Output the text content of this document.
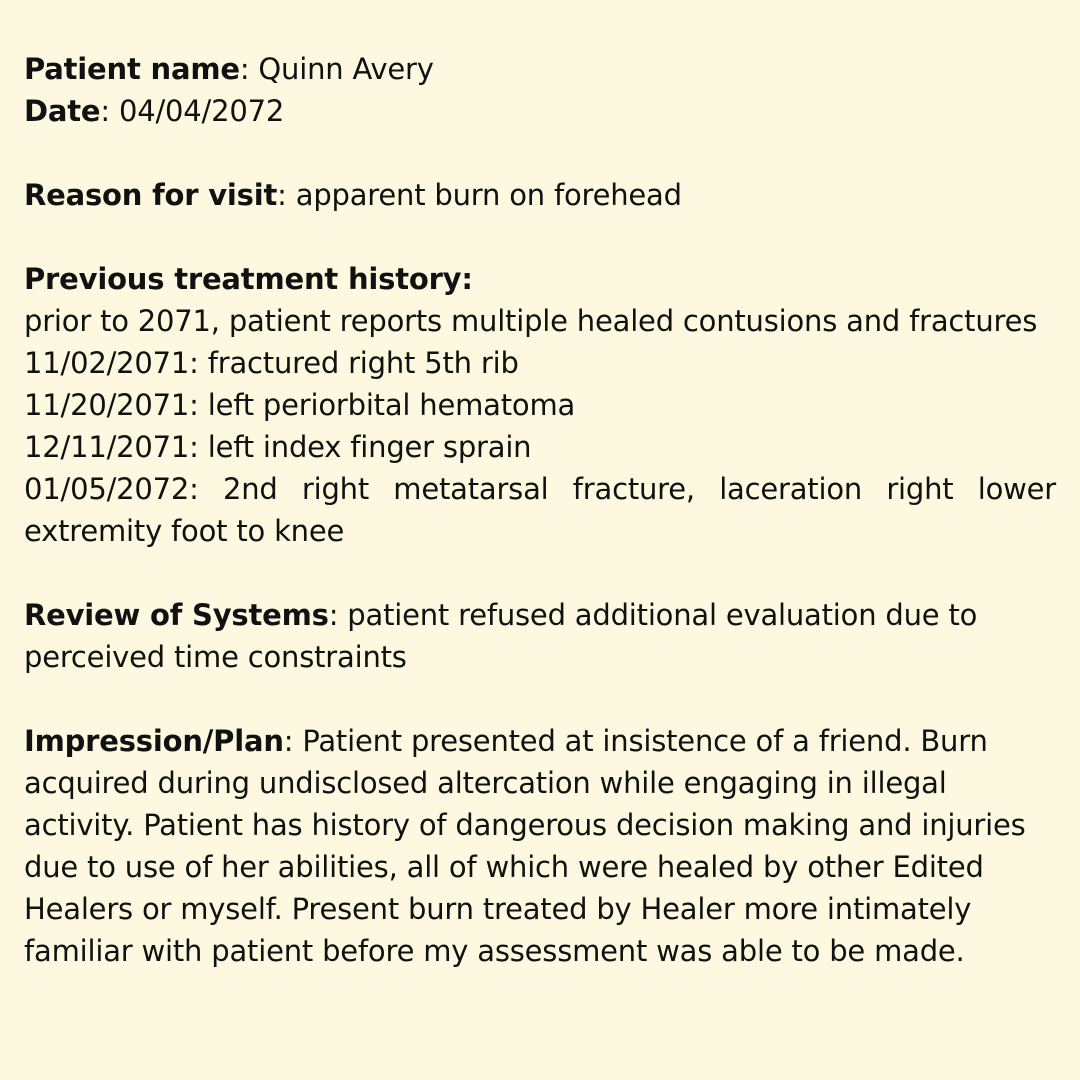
Patient name: Quinn Avery
Date: 04/04/2072
Reason for visit: apparent burn on forehead
Previous treatment history:
prior to 2071, patient reports multiple healed contusions and fractures
11/02/2071: fractured right 5th rib
11/20/2071: left periorbital hematoma
12/11/2071: left index finger sprain
01/05/2072: 2nd right metatarsal fracture, laceration right lower extremity foot to knee
Review of Systems: patient refused additional evaluation due to perceived time constraints
Impression/Plan: Patient presented at insistence of a friend. Burn acquired during undisclosed altercation while engaging in illegal activity. Patient has history of dangerous decision making and injuries due to use of her abilities, all of which were healed by other Edited Healers or myself. Present burn treated by Healer more intimately familiar with patient before my assessment was able to be made.
